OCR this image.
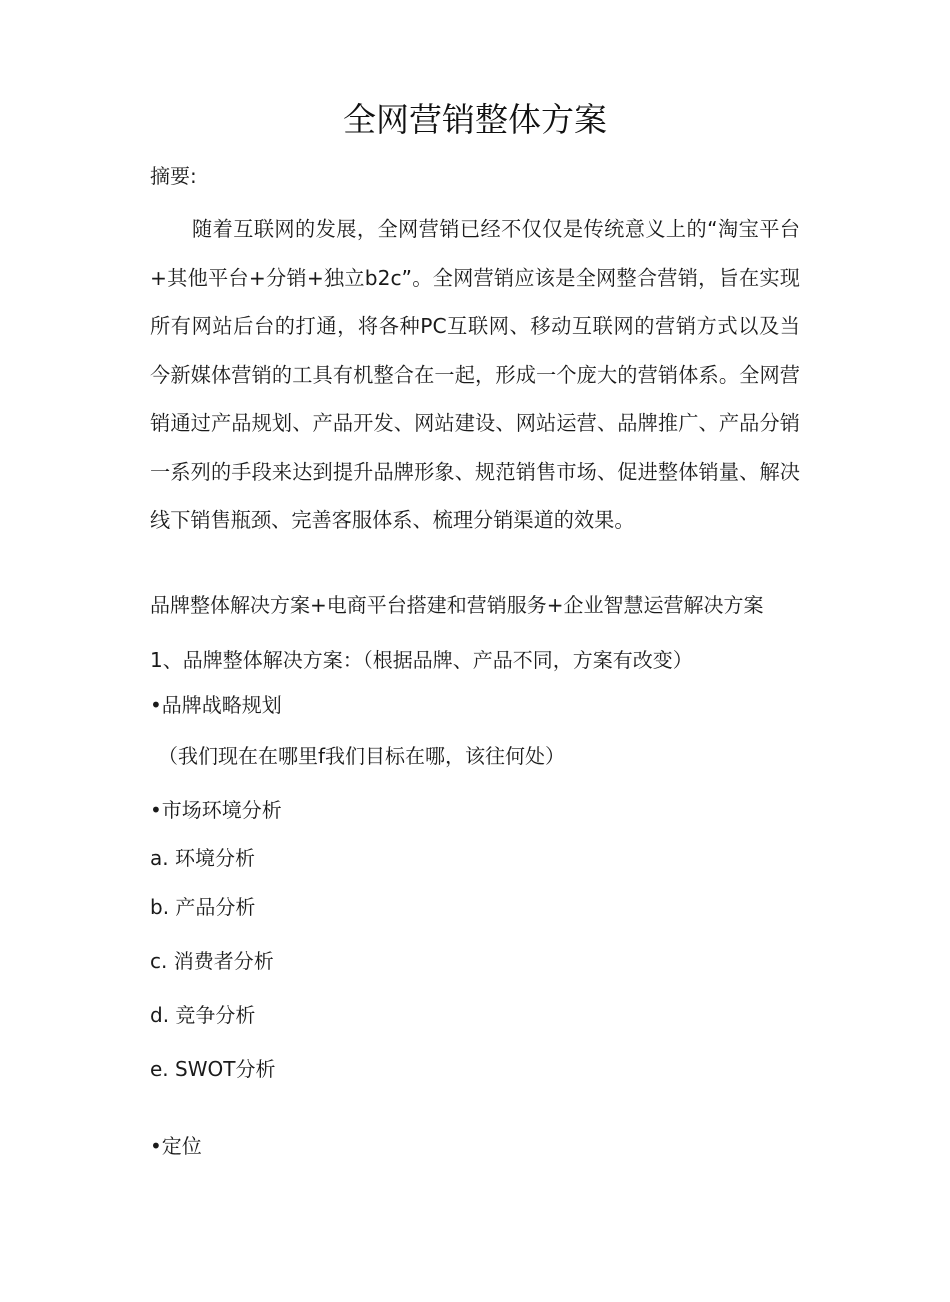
全网营销整体方案
摘要:

随着互联网的发展，全网营销已经不仅仅是传统意义上的“淘宝平台+其他平台+分销+独立b2c”。全网营销应该是全网整合营销，旨在实现所有网站后台的打通，将各种PC互联网、移动互联网的营销方式以及当今新媒体营销的工具有机整合在一起，形成一个庞大的营销体系。全网营销通过产品规划、产品开发、网站建设、网站运营、品牌推广、产品分销一系列的手段来达到提升品牌形象、规范销售市场、促进整体销量、解决线下销售瓶颈、完善客服体系、梳理分销渠道的效果。

品牌整体解决方案+电商平台搭建和营销服务+企业智慧运营解决方案
1、品牌整体解决方案：（根据品牌、产品不同，方案有改变）
•品牌战略规划
（我们现在在哪里f我们目标在哪，该往何处）
•市场环境分析
a. 环境分析
b. 产品分析
c. 消费者分析
d. 竞争分析
e. SWOT分析
•定位
